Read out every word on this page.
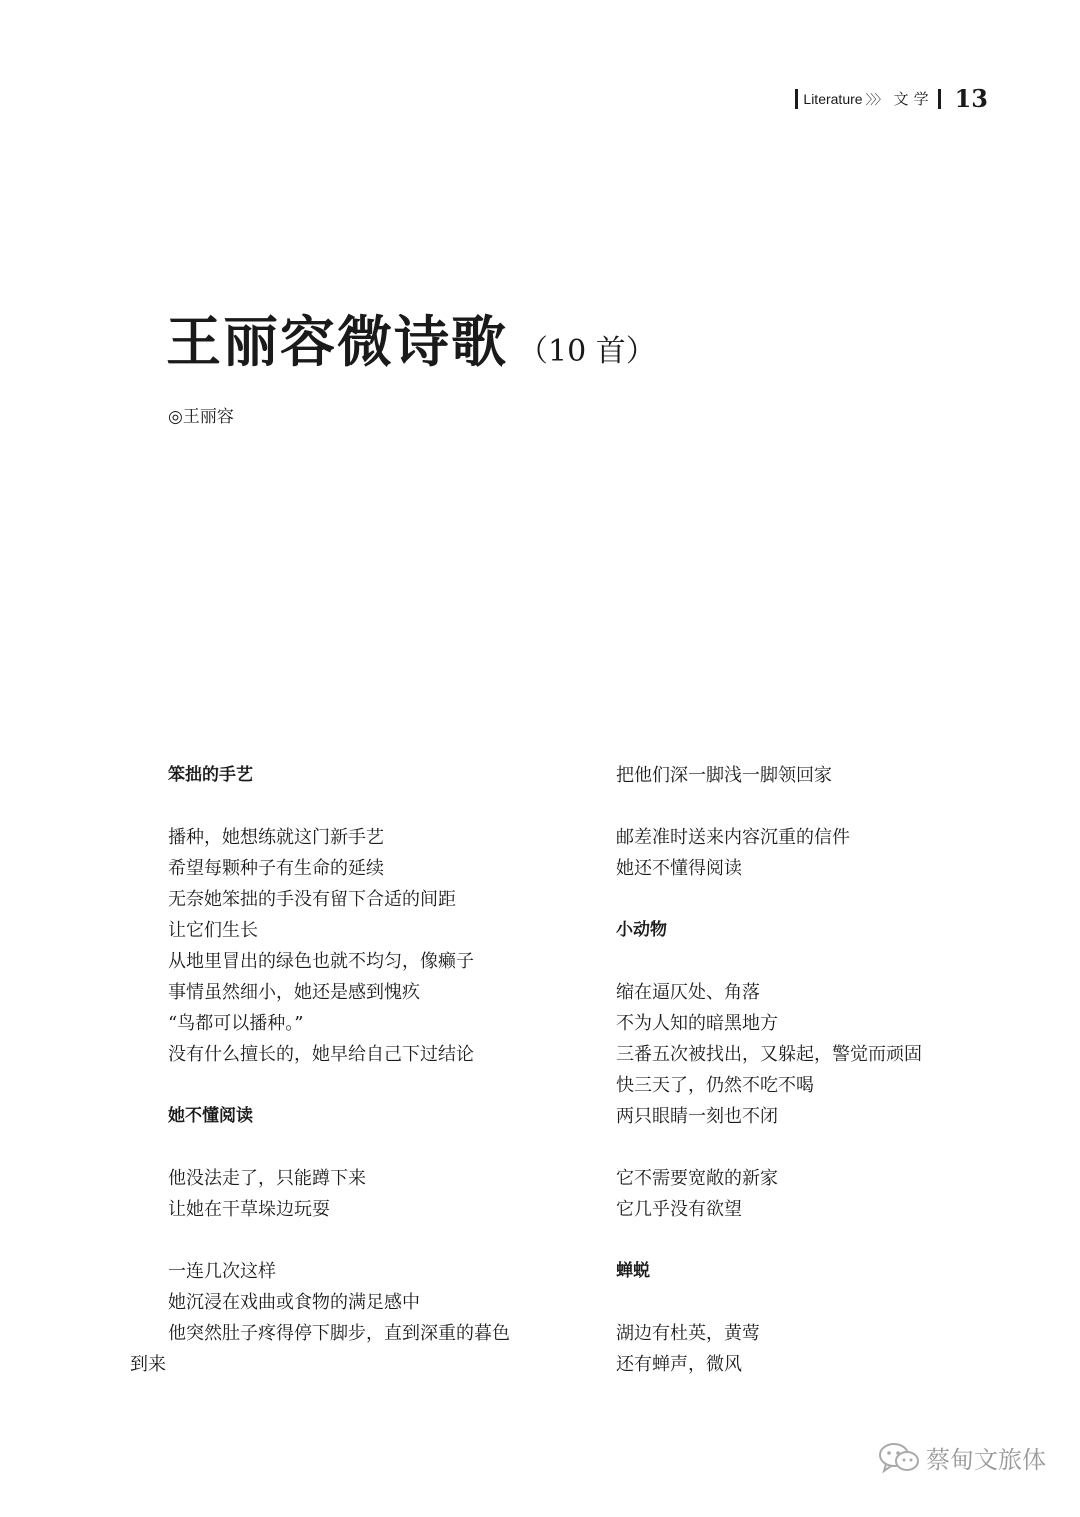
Literature 〉〉〉 文学 13
王丽容微诗歌 （10 首）
◎王丽容

笨拙的手艺

播种，她想练就这门新手艺

希望每颗种子有生命的延续

无奈她笨拙的手没有留下合适的间距

让它们生长

从地里冒出的绿色也就不均匀，像癞子

事情虽然细小，她还是感到愧疚

“鸟都可以播种。”

没有什么擅长的，她早给自己下过结论

她不懂阅读

他没法走了，只能蹲下来

让她在干草垛边玩耍

一连几次这样

她沉浸在戏曲或食物的满足感中

他突然肚子疼得停下脚步，直到深重的暮色

到来

把他们深一脚浅一脚领回家

邮差准时送来内容沉重的信件

她还不懂得阅读

小动物

缩在逼仄处、角落

不为人知的暗黑地方

三番五次被找出，又躲起，警觉而顽固

快三天了，仍然不吃不喝

两只眼睛一刻也不闭

它不需要宽敞的新家

它几乎没有欲望

蝉蜕

湖边有杜英，黄莺

还有蝉声，微风

蔡甸文旅体
